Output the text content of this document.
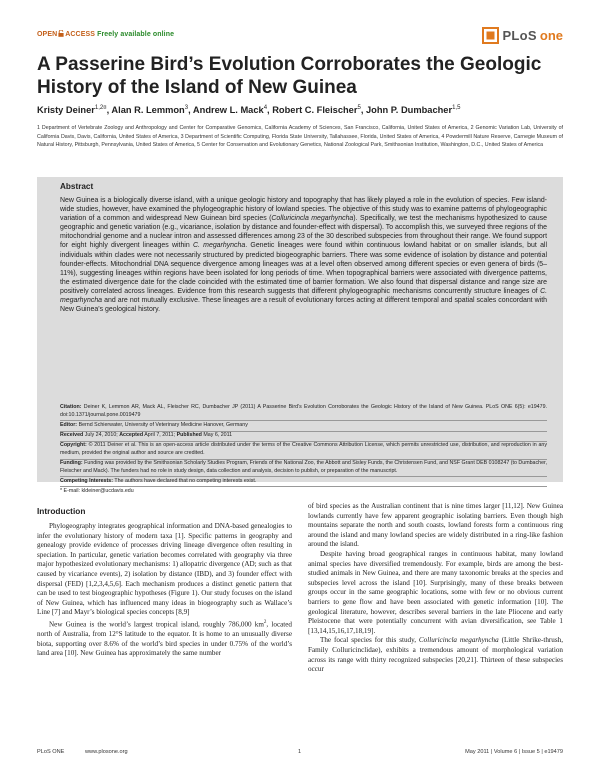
OPEN ACCESS Freely available online	PLoS one
A Passerine Bird’s Evolution Corroborates the Geologic History of the Island of New Guinea
Kristy Deiner$^{1,2¤}$, Alan R. Lemmon$^3$, Andrew L. Mack$^4$, Robert C. Fleischer$^5$, John P. Dumbacher$^{1,5}$
1 Department of Vertebrate Zoology and Anthropology and Center for Comparative Genomics, California Academy of Sciences, San Francisco, California, United States of America, 2 Genomic Variation Lab, University of California Davis, Davis, California, United States of America, 3 Department of Scientific Computing, Florida State University, Tallahassee, Florida, United States of America, 4 Powdermill Nature Reserve, Carnegie Museum of Natural History, Pittsburgh, Pennsylvania, United States of America, 5 Center for Conservation and Evolutionary Genetics, National Zoological Park, Smithsonian Institution, Washington, D.C., United States of America
Abstract
New Guinea is a biologically diverse island, with a unique geologic history and topography that has likely played a role in the evolution of species. Few island-wide studies, however, have examined the phylogeographic history of lowland species. The objective of this study was to examine patterns of phylogeographic variation of a common and widespread New Guinean bird species (Colluricincla megarhyncha). Specifically, we test the mechanisms hypothesized to cause geographic and genetic variation (e.g., vicariance, isolation by distance and founder-effect with dispersal). To accomplish this, we surveyed three regions of the mitochondrial genome and a nuclear intron and assessed differences among 23 of the 30 described subspecies from throughout their range. We found support for eight highly divergent lineages within C. megarhyncha. Genetic lineages were found within continuous lowland habitat or on smaller islands, but all individuals within clades were not necessarily structured by predicted biogeographic barriers. There was some evidence of isolation by distance and potential founder-effects. Mitochondrial DNA sequence divergence among lineages was at a level often observed among different species or even genera of birds (5–11%), suggesting lineages within regions have been isolated for long periods of time. When topographical barriers were associated with divergence patterns, the estimated divergence date for the clade coincided with the estimated time of barrier formation. We also found that dispersal distance and range size are positively correlated across lineages. Evidence from this research suggests that different phylogeographic mechanisms concurrently structure lineages of C. megarhyncha and are not mutually exclusive. These lineages are a result of evolutionary forces acting at different temporal and spatial scales concordant with New Guinea’s geological history.
Citation: Deiner K, Lemmon AR, Mack AL, Fleischer RC, Dumbacher JP (2011) A Passerine Bird’s Evolution Corroborates the Geologic History of the Island of New Guinea. PLoS ONE 6(5): e19479. doi:10.1371/journal.pone.0019479
Editor: Bernd Schierwater, University of Veterinary Medicine Hanover, Germany
Received July 24, 2010; Accepted April 7, 2011; Published May 6, 2011
Copyright: © 2011 Deiner et al. This is an open-access article distributed under the terms of the Creative Commons Attribution License, which permits unrestricted use, distribution, and reproduction in any medium, provided the original author and source are credited.
Funding: Funding was provided by the Smithsonian Scholarly Studies Program, Friends of the National Zoo, the Abbott and Sisley Funds, the Christensen Fund, and NSF Grant DEB 0108247 (to Dumbacher, Fleischer and Mack). The funders had no role in study design, data collection and analysis, decision to publish, or preparation of the manuscript.
Competing Interests: The authors have declared that no competing interests exist.
* E-mail: kldeiner@ucdavis.edu
Introduction

Phylogeography integrates geographical information and DNA-based genealogies to infer the evolutionary history of modern taxa [1]. Specific patterns in geography and genealogy provide evidence of processes driving lineage divergence often resulting in speciation. In particular, genetic variation becomes correlated with geography via three major hypothesized evolutionary mechanisms: 1) allopatric divergence (AD; such as that caused by vicariance events), 2) isolation by distance (IBD), and 3) founder effect with dispersal (FED) [1,2,3,4,5,6]. Each mechanism produces a distinct genetic pattern that can be used to test biogeographic hypotheses (Figure 1). Our study focuses on the island of New Guinea, which has influenced many ideas in biogeography such as Wallace’s Line [7] and Mayr’s biological species concepts [8,9]

New Guinea is the world’s largest tropical island, roughly 786,000 $km^2$, located north of Australia, from 12°S latitude to the equator. It is home to an unusually diverse biota, supporting over 8.6% of the world’s bird species in under 0.75% of the world’s land area [10]. New Guinea has approximately the same number

of bird species as the Australian continent that is nine times larger [11,12]. New Guinea lowlands currently have few apparent geographic isolating barriers. Even though high mountains separate the north and south coasts, lowland forests form a continuous ring around the island and many lowland species are widely distributed in a ring-like fashion around the island.

Despite having broad geographical ranges in continuous habitat, many lowland animal species have diversified tremendously. For example, birds are among the best-studied animals in New Guinea, and there are many taxonomic breaks at the species and subspecies level across the island [10]. Surprisingly, many of these breaks between groups occur in the same geographic locations, some with few or no obvious current barriers to gene flow and have been associated with genetic information [10]. The geological literature, however, describes several barriers in the late Pliocene and early Pleistocene that were potentially concurrent with avian diversification, see Table 1 [13,14,15,16,17,18,19].

The focal species for this study, Colluricincla megarhyncha (Little Shrike-thrush, Family Colluricinclidae), exhibits a tremendous amount of morphological variation across its range with thirty recognized subspecies [20,21]. Thirteen of these subspecies occur

PLoS ONE	www.plosone.org	1	May 2011 | Volume 6 | Issue 5 | e19479
